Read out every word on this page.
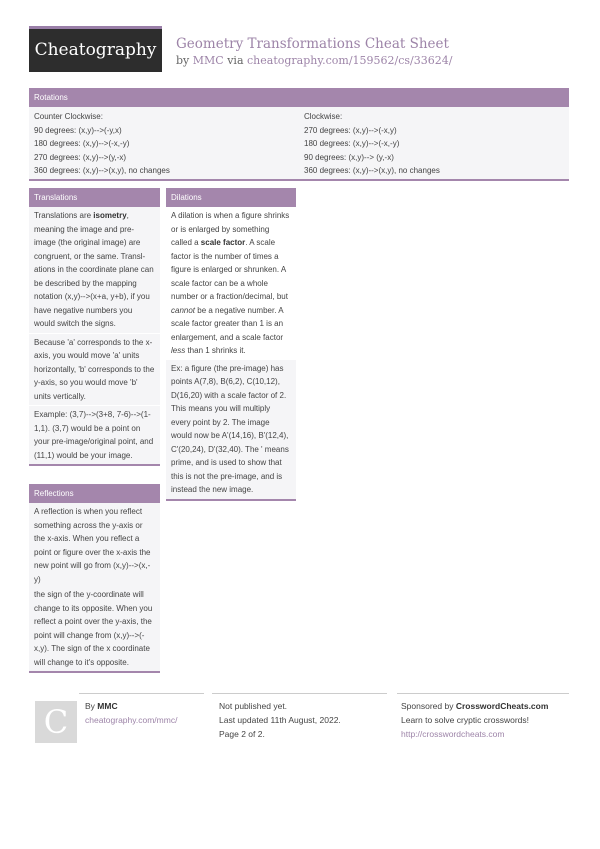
Cheatography	Geometry Transformations Cheat Sheet
by MMC via cheatography.com/159562/cs/33624/
Rotations
Counter Clockwise:
90 degrees: (x,y)-->(-y,x)
180 degrees: (x,y)-->(-x,-y)
270 degrees: (x,y)-->(y,-x)
360 degrees: (x,y)-->(x,y), no changes
Clockwise:
270 degrees: (x,y)-->(-x,y)
180 degrees: (x,y)-->(-x,-y)
90 degrees: (x,y)--> (y,-x)
360 degrees: (x,y)-->(x,y), no changes
Translations

Translations are isometry, meaning the image and pre-image (the original image) are congruent, or the same. Translations in the coordinate plane can be described by the mapping notation (x,y)-->(x+a, y+b), if you have negative numbers you would switch the signs.

Because 'a' corresponds to the x-axis, you would move 'a' units horizontally, 'b' corresponds to the y-axis, so you would move 'b' units vertically.

Example: (3,7)-->(3+8, 7-6)-->(11,1). (3,7) would be a point on your pre-image/original point, and (11,1) would be your image.

Reflections

A reflection is when you reflect something across the y-axis or the x-axis. When you reflect a point or figure over the x-axis the new point will go from (x,y)-->(x,-y)

the sign of the y-coordinate will change to its opposite. When you reflect a point over the y-axis, the point will change from (x,y)-->(-x,y). The sign of the x coordinate will change to it's opposite.

Dilations

A dilation is when a figure shrinks or is enlarged by something called a scale factor. A scale factor is the number of times a figure is enlarged or shrunken. A scale factor can be a whole number or a fraction/decimal, but cannot be a negative number. A scale factor greater than 1 is an enlargement, and a scale factor less than 1 shrinks it.

Ex: a figure (the pre-image) has points A(7,8), B(6,2), C(10,12), D(16,20) with a scale factor of 2. This means you will multiply every point by 2. The image would now be A'(14,16), B'(12,4), C'(20,24), D'(32,40). The ' means prime, and is used to show that this is not the pre-image, and is instead the new image.

C	By MMC
cheatography.com/mmc/
Not published yet.
Last updated 11th August, 2022.
Page 2 of 2.
Sponsored by CrosswordCheats.com
Learn to solve cryptic crosswords!
http://crosswordcheats.com
